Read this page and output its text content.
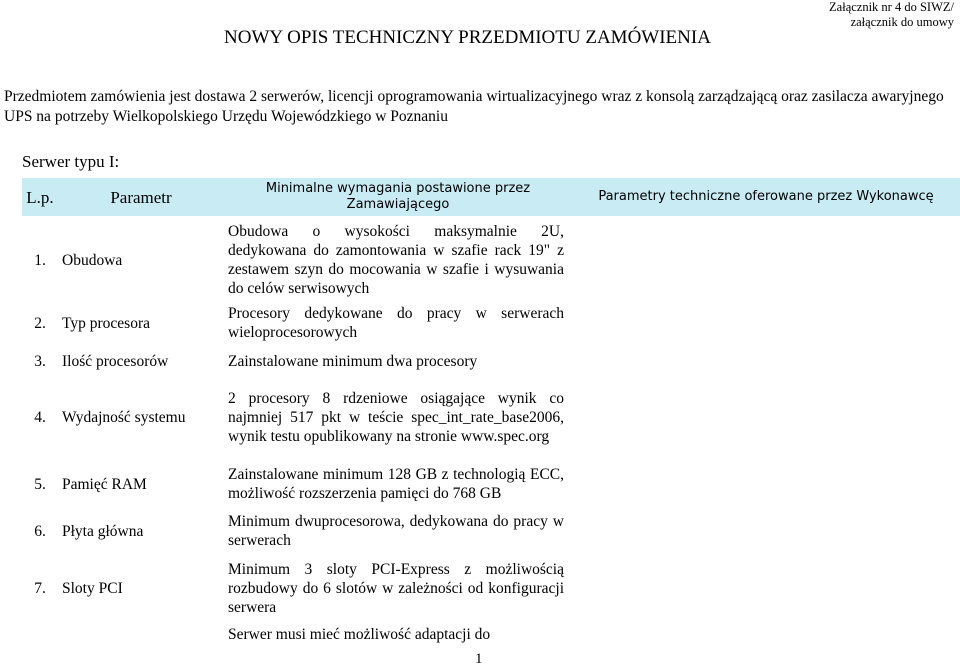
Załącznik nr 4 do SIWZ/
załącznik do umowy
NOWY OPIS TECHNICZNY PRZEDMIOTU ZAMÓWIENIA

Przedmiotem zamówienia jest dostawa 2 serwerów, licencji oprogramowania wirtualizacyjnego wraz z konsolą zarządzającą oraz zasilacza awaryjnego UPS na potrzeby Wielkopolskiego Urzędu Wojewódzkiego w Poznaniu

Serwer typu I:
L.p.	Parametr	Minimalne wymagania postawione przez Zamawiającego	Parametry techniczne oferowane przez Wykonawcę

1.	Obudowa	Obudowa o wysokości maksymalnie 2U, dedykowana do zamontowania w szafie rack 19" z zestawem szyn do mocowania w szafie i wysuwania do celów serwisowych	

2.	Typ procesora	Procesory dedykowane do pracy w serwerach wieloprocesorowych	

3.	Ilość procesorów	Zainstalowane minimum dwa procesory	

4.	Wydajność systemu	2 procesory 8 rdzeniowe osiągające wynik co najmniej 517 pkt w teście spec_int_rate_base2006, wynik testu opublikowany na stronie www.spec.org	

5.	Pamięć RAM	Zainstalowane minimum 128 GB z technologią ECC, możliwość rozszerzenia pamięci do 768 GB	

6.	Płyta główna	Minimum dwuprocesorowa, dedykowana do pracy w serwerach	

7.	Sloty PCI	Minimum 3 sloty PCI-Express z możliwością rozbudowy do 6 slotów w zależności od konfiguracji serwera	

		Serwer musi mieć możliwość adaptacji do	

1
